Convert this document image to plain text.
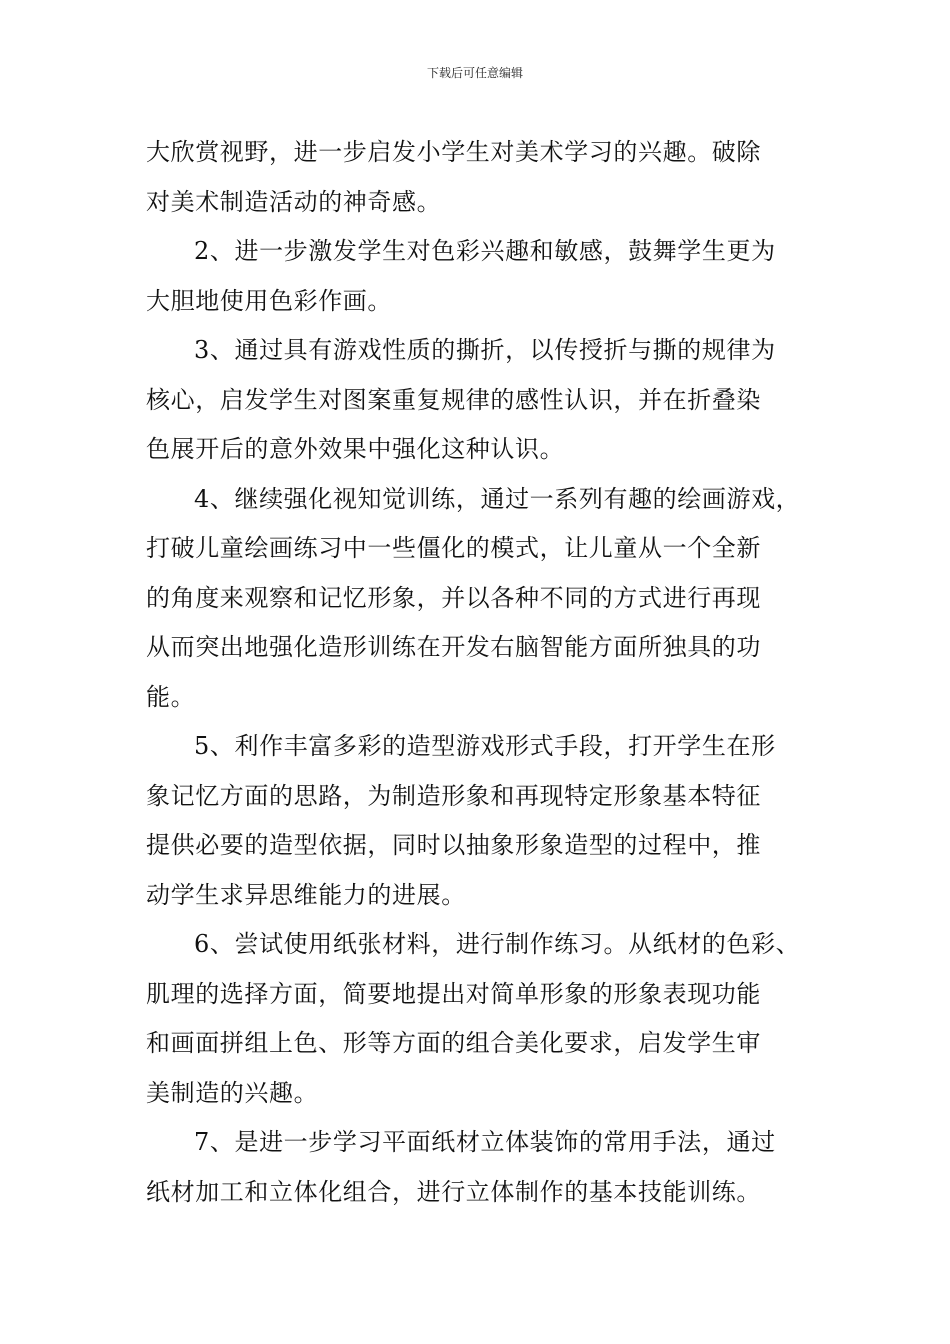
下载后可任意编辑

大欣赏视野，进一步启发小学生对美术学习的兴趣。破除
对美术制造活动的神奇感。

2、进一步激发学生对色彩兴趣和敏感，鼓舞学生更为
大胆地使用色彩作画。

3、通过具有游戏性质的撕折，以传授折与撕的规律为
核心，启发学生对图案重复规律的感性认识，并在折叠染
色展开后的意外效果中强化这种认识。

4、继续强化视知觉训练，通过一系列有趣的绘画游戏，
打破儿童绘画练习中一些僵化的模式，让儿童从一个全新
的角度来观察和记忆形象，并以各种不同的方式进行再现
从而突出地强化造形训练在开发右脑智能方面所独具的功
能。

5、利作丰富多彩的造型游戏形式手段，打开学生在形
象记忆方面的思路，为制造形象和再现特定形象基本特征
提供必要的造型依据，同时以抽象形象造型的过程中，推
动学生求异思维能力的进展。

6、尝试使用纸张材料，进行制作练习。从纸材的色彩、
肌理的选择方面，简要地提出对简单形象的形象表现功能
和画面拼组上色、形等方面的组合美化要求，启发学生审
美制造的兴趣。

7、是进一步学习平面纸材立体装饰的常用手法，通过
纸材加工和立体化组合，进行立体制作的基本技能训练。
